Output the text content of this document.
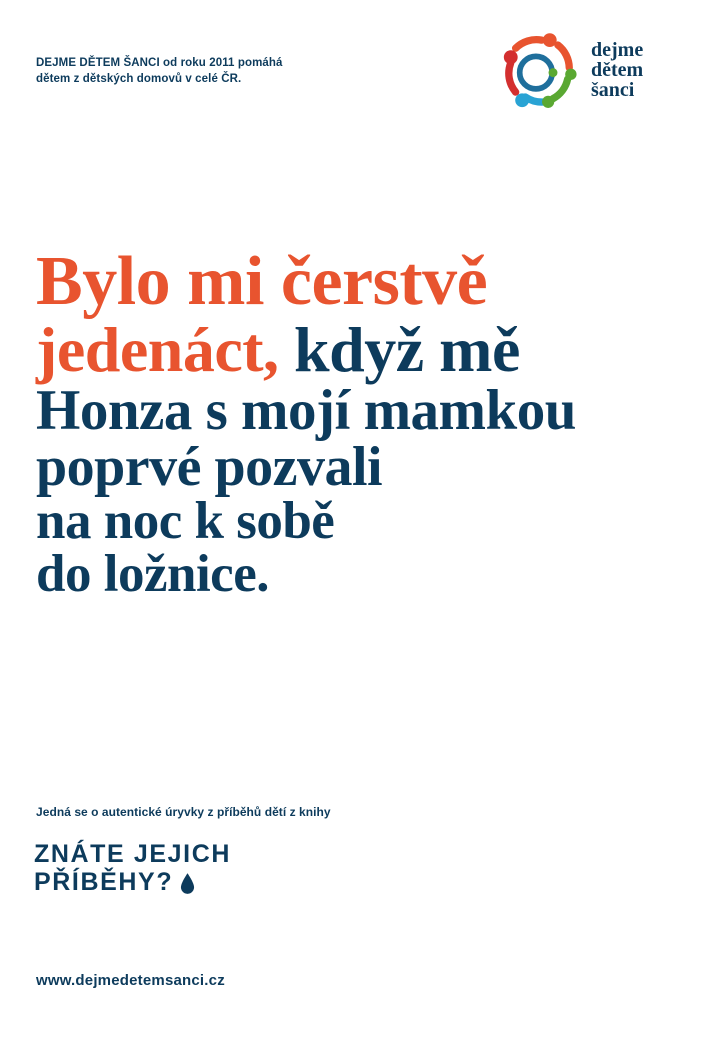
DEJME DĚTEM ŠANCI od roku 2011 pomáhá
dětem z dětských domovů v celé ČR.
dejme
dětem
šanci
Bylo mi čerstvě
jedenáct, když mě
Honza s mojí mamkou
poprvé pozvali
na noc k sobě
do ložnice.
Jedná se o autentické úryvky z příběhů dětí z knihy
ZNÁTE JEJICH
PŘÍBĚHY?
www.dejmedetemsanci.cz
